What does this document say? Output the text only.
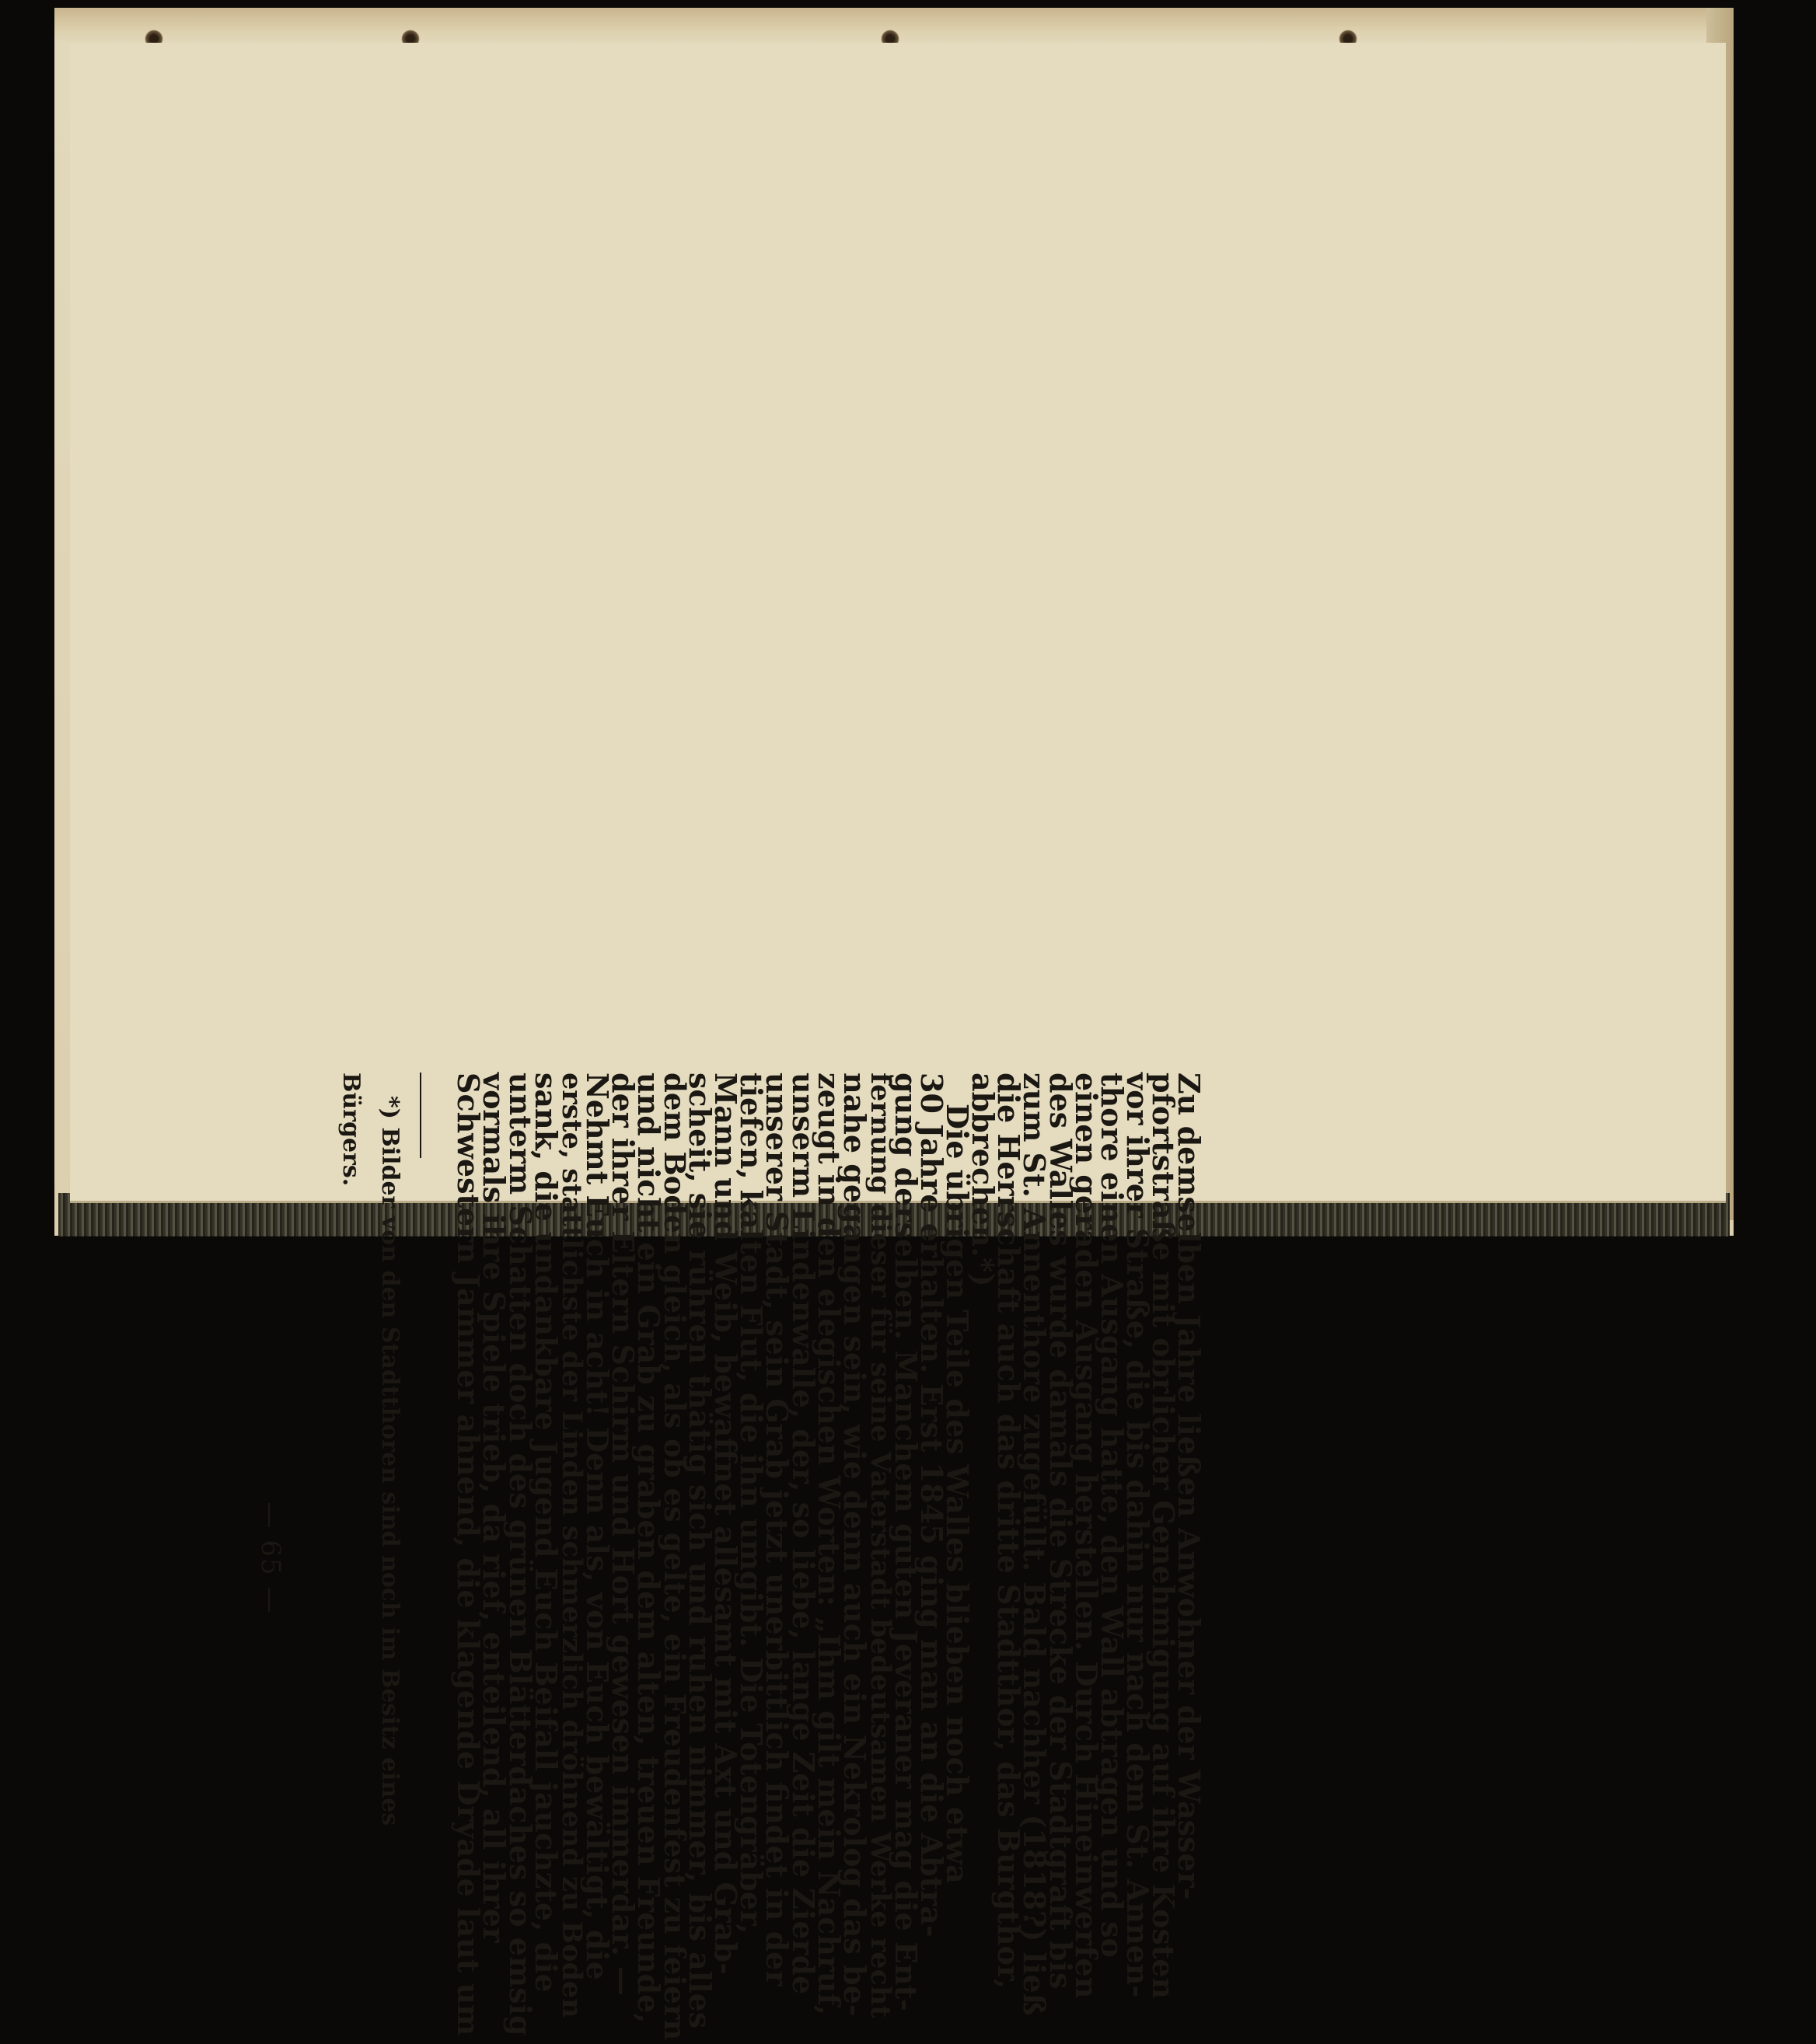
Zu demselben Jahre ließen Anwohner der Wasser-
pfortstraße mit obrlicher Genehmigung auf ihre Kosten
vor ihrer Straße, die bis dahin nur nach dem St. Annen-
thore einen Ausgang hatte, den Wall abtragen und so
einen geraden Ausgang herstellen. Durch Hineinwerfen
des Walles wurde damals die Strecke der Stadtgraft bis
zum St. Annenthore zugefüllt. Bald nachher (1818?) ließ
die Herrschaft auch das dritte Stadtthor, das Burgthor,
abbrechen.*)
Die übrigen Teile des Walles blieben noch etwa
30 Jahre erhalten. Erst 1845 ging man an die Abtra-
gung derselben. Manchem guten Jeveraner mag die Ent-
fernung dieser für seine Vaterstadt bedeutsamen Werke recht
nahe gegangen sein, wie denn auch ein Nekrolog das be-
zeugt in den elegischen Worten: „Ihm gilt mein Nachruf,
unserm Lindenwalle, der, so liebe, lange Zeit die Zierde
unserer Stadt, sein Grab jetzt unerbittlich findet in der
tiefen, kalten Flut, die ihn umgibt. Die Totengräber,
Mann und Weib, bewaffnet allesamt mit Axt und Grab-
scheit, sie rühren thätig sich und ruhen nimmer, bis alles
dem Boden gleich, als ob es gelte, ein Freudenfest zu feiern
und nicht ein Grab zu graben dem alten, treuen Freunde,
der ihrer Eltern Schirm und Hort gewesen immerdar. —
Nehmt Euch in acht! Denn als, von Euch bewältigt, die
erste, stattlichste der Linden schmerzlich dröhnend zu Boden
sank, die undankbare Jugend Euch Beifall jauchzte, die
unterm Schatten doch des grünen Blätterdaches so emsig
vormals ihre Spiele trieb, da rief, enteilend, all ihrer
Schwestern Jammer ahnend, die klagende Dryade laut um
*) Bilder von den Stadtthoren sind noch im Besitz eines
Bürgers.
— 65 —
